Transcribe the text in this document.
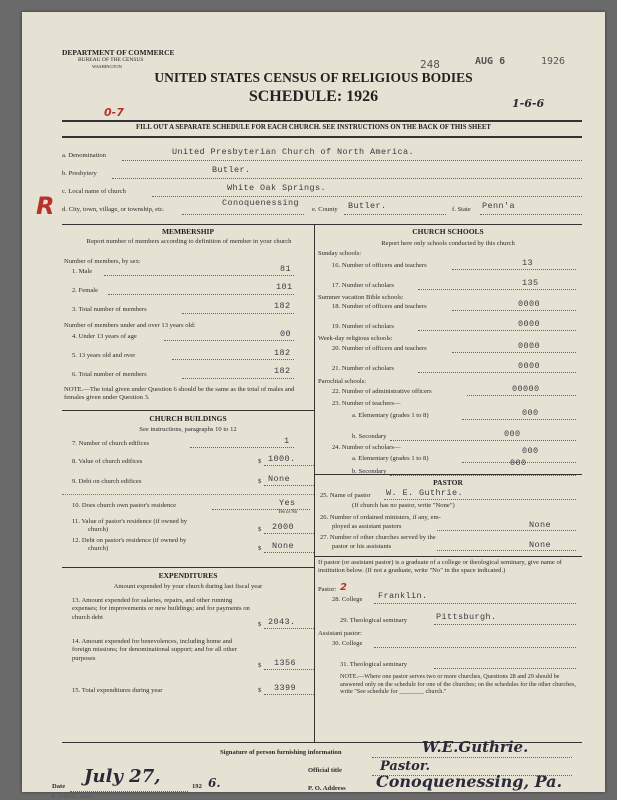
DEPARTMENT OF COMMERCE
BUREAU OF THE CENSUS
WASHINGTON	248	AUG 6	1926
1-6-6
UNITED STATES CENSUS OF RELIGIOUS BODIES
SCHEDULE: 1926
0-7
FILL OUT A SEPARATE SCHEDULE FOR EACH CHURCH. SEE INSTRUCTIONS ON THE BACK OF THIS SHEET
a. Denomination	United Presbyterian Church of North America.
b. Presbytery	Butler.
c. Local name of church	White Oak Springs.
R d. City, town, village, or township, etc.
Conoquenessing
e. County Butler.	f. State Penn'a
MEMBERSHIP
Report number of members according to definition of member in your church
Number of members, by sex:
1. Male	81
2. Female	101
3. Total number of members	182
Number of members under and over 13 years old:
4. Under 13 years of age	00
5. 13 years old and over	182
6. Total number of members	182
NOTE.—The total given under Question 6 should be the same as the total of males and females given under Question 3.
CHURCH BUILDINGS
See instructions, paragraphs 10 to 12
7. Number of church edifices	1
8. Value of church edifices	$ 1000.
9. Debt on church edifices	$ None
10. Does church own pastor's residence	Yes
Yes or No
11. Value of pastor's residence (if owned by
church)	$ 2000
12. Debt on pastor's residence (if owned by
church)	$ None
EXPENDITURES
Amount expended by your church during last fiscal year
13. Amount expended for salaries, repairs, and other running expenses; for improvements or new buildings; and for payments on church debt
$ 2043.
14. Amount expended for benevolences, including home and foreign missions; for denominational support; and for all other purposes
$ 1356
15. Total expenditures during year	$ 3399
CHURCH SCHOOLS
Report here only schools conducted by this church
Sunday schools:
16. Number of officers and teachers	13
17. Number of scholars	135
Summer vacation Bible schools:
18. Number of officers and teachers	0000
19. Number of scholars	0000
Week-day religious schools:
20. Number of officers and teachers	0000
21. Number of scholars	0000
Parochial schools:
22. Number of administrative officers	00000
23. Number of teachers—
a. Elementary (grades 1 to 8)	000
b. Secondary	000
24. Number of scholars—
a. Elementary (grades 1 to 8)
000
b. Secondary
000
PASTOR
25. Name of pastor W. E. Guthrie.
(If church has no pastor, write "None")
26. Number of ordained ministers, if any, em-
ployed as assistant pastors	None
27. Number of other churches served by the
pastor or his assistants	None
If pastor (or assistant pastor) is a graduate of a college or theological seminary, give name of institution below. (If not a graduate, write "No" in the space indicated.)
Pastor: 2
28. College Franklin.
29. Theological seminary	Pittsburgh.
Assistant pastor:
30. College
31. Theological seminary
NOTE.—Where one pastor serves two or more churches, Questions 28 and 29 should be answered only on the schedule for one of the churches; on the schedules for the other churches, write "See schedule for ________ church."
Signature of person furnishing information	W.E.Guthrie.
Official title	Pastor.
Date July 27,	192 6.
8—3725a 11—20444
P. O. Address Conoquenessing, Pa.
